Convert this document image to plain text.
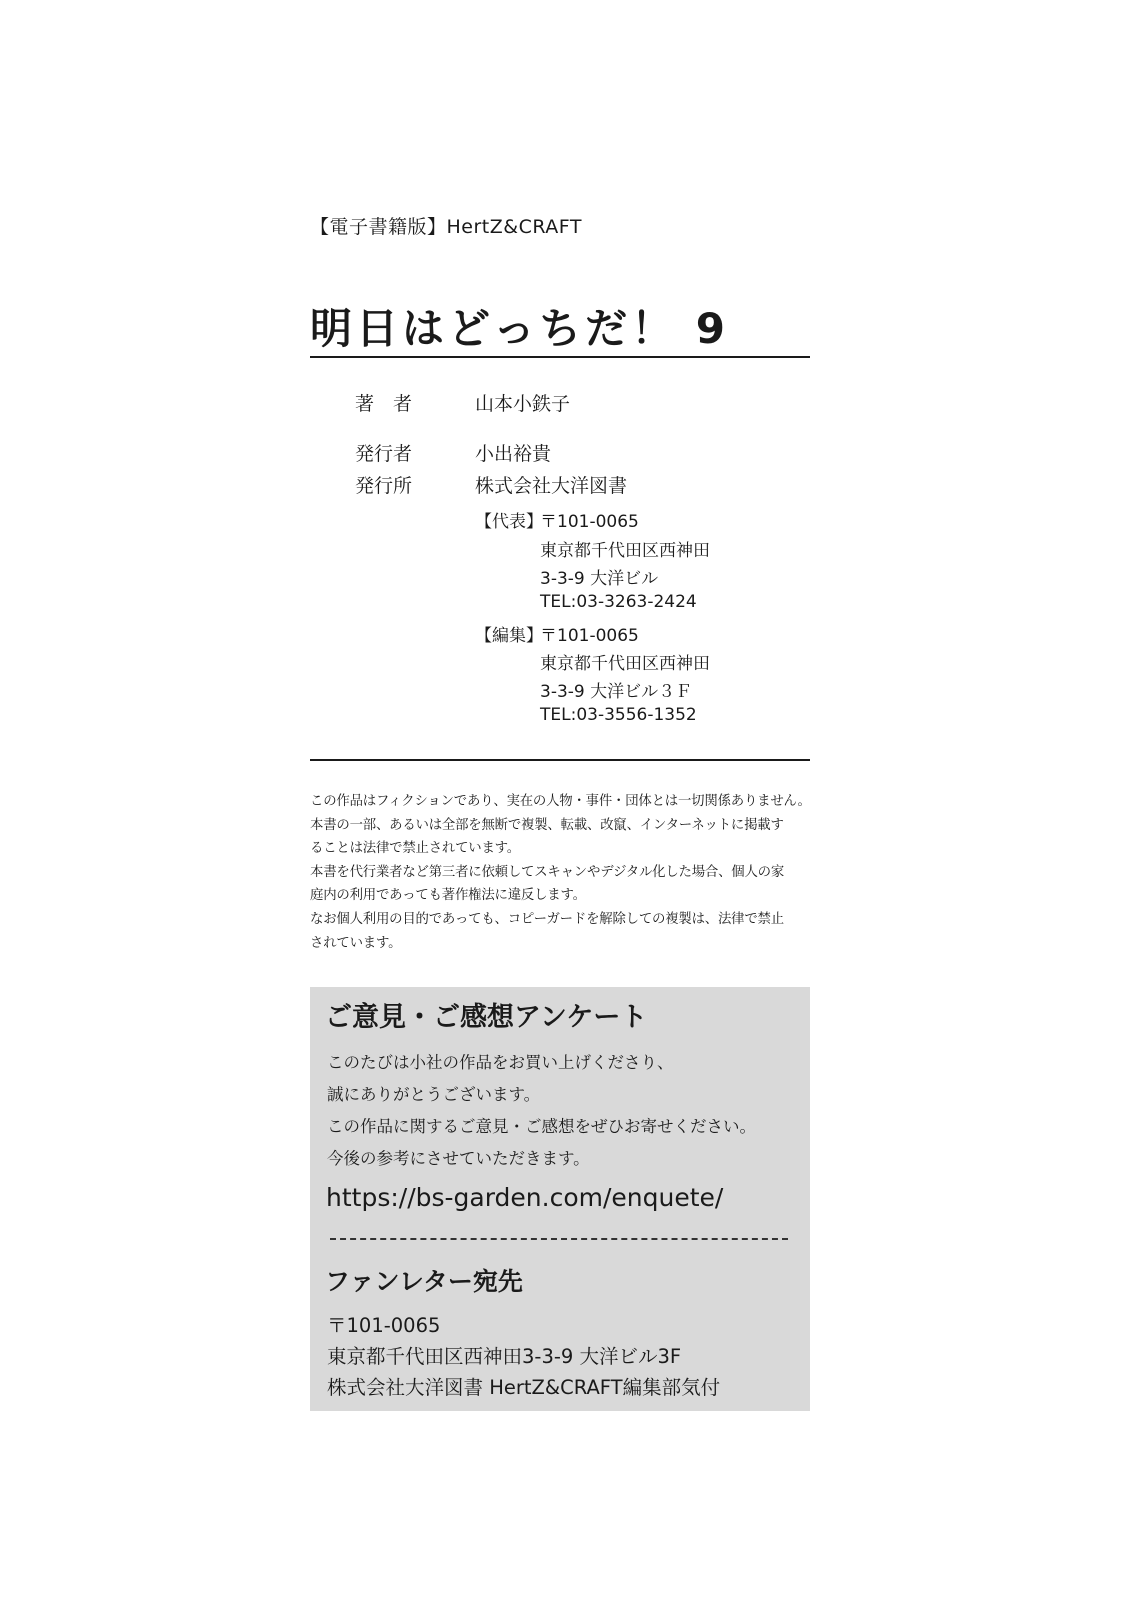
【電子書籍版】HertZ&CRAFT
明日はどっちだ！ 9
著　者	山本小鉄子
発行者	小出裕貴
発行所	株式会社大洋図書
【代表】
〒101-0065
東京都千代田区西神田
3-3-9 大洋ビル
TEL:03-3263-2424
【編集】
〒101-0065
東京都千代田区西神田
3-3-9 大洋ビル３Ｆ
TEL:03-3556-1352
この作品はフィクションであり、実在の人物・事件・団体とは一切関係ありません。
本書の一部、あるいは全部を無断で複製、転載、改竄、インターネットに掲載す
ることは法律で禁止されています。
本書を代行業者など第三者に依頼してスキャンやデジタル化した場合、個人の家
庭内の利用であっても著作権法に違反します。
なお個人利用の目的であっても、コピーガードを解除しての複製は、法律で禁止
されています。
ご意見・ご感想アンケート
このたびは小社の作品をお買い上げくださり、
誠にありがとうございます。
この作品に関するご意見・ご感想をぜひお寄せください。
今後の参考にさせていただきます。
https://bs-garden.com/enquete/
ファンレター宛先
〒101-0065
東京都千代田区西神田3-3-9 大洋ビル3F
株式会社大洋図書 HertZ&CRAFT編集部気付
